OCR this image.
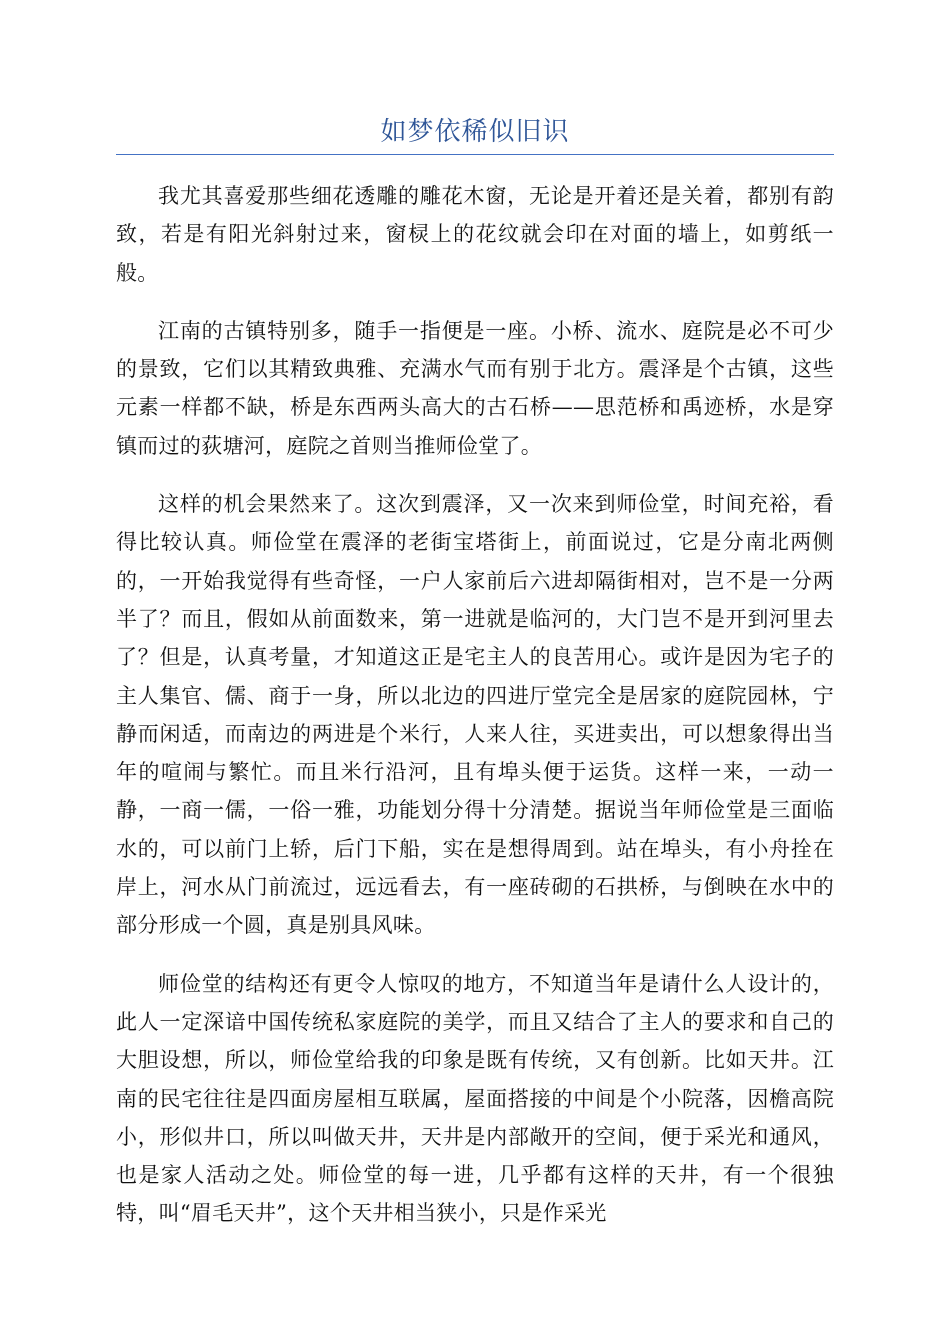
如梦依稀似旧识

我尤其喜爱那些细花透雕的雕花木窗，无论是开着还是关着，都别有韵致，若是有阳光斜射过来，窗棂上的花纹就会印在对面的墙上，如剪纸一般。

江南的古镇特别多，随手一指便是一座。小桥、流水、庭院是必不可少的景致，它们以其精致典雅、充满水气而有别于北方。震泽是个古镇，这些元素一样都不缺，桥是东西两头高大的古石桥——思范桥和禹迹桥，水是穿镇而过的荻塘河，庭院之首则当推师俭堂了。

这样的机会果然来了。这次到震泽，又一次来到师俭堂，时间充裕，看得比较认真。师俭堂在震泽的老街宝塔街上，前面说过，它是分南北两侧的，一开始我觉得有些奇怪，一户人家前后六进却隔街相对，岂不是一分两半了？而且，假如从前面数来，第一进就是临河的，大门岂不是开到河里去了？但是，认真考量，才知道这正是宅主人的良苦用心。或许是因为宅子的主人集官、儒、商于一身，所以北边的四进厅堂完全是居家的庭院园林，宁静而闲适，而南边的两进是个米行，人来人往，买进卖出，可以想象得出当年的喧闹与繁忙。而且米行沿河，且有埠头便于运货。这样一来，一动一静，一商一儒，一俗一雅，功能划分得十分清楚。据说当年师俭堂是三面临水的，可以前门上轿，后门下船，实在是想得周到。站在埠头，有小舟拴在岸上，河水从门前流过，远远看去，有一座砖砌的石拱桥，与倒映在水中的部分形成一个圆，真是别具风味。

师俭堂的结构还有更令人惊叹的地方，不知道当年是请什么人设计的，此人一定深谙中国传统私家庭院的美学，而且又结合了主人的要求和自己的大胆设想，所以，师俭堂给我的印象是既有传统，又有创新。比如天井。江南的民宅往往是四面房屋相互联属，屋面搭接的中间是个小院落，因檐高院小，形似井口，所以叫做天井，天井是内部敞开的空间，便于采光和通风，也是家人活动之处。师俭堂的每一进，几乎都有这样的天井，有一个很独特，叫“眉毛天井”，这个天井相当狭小，只是作采光
